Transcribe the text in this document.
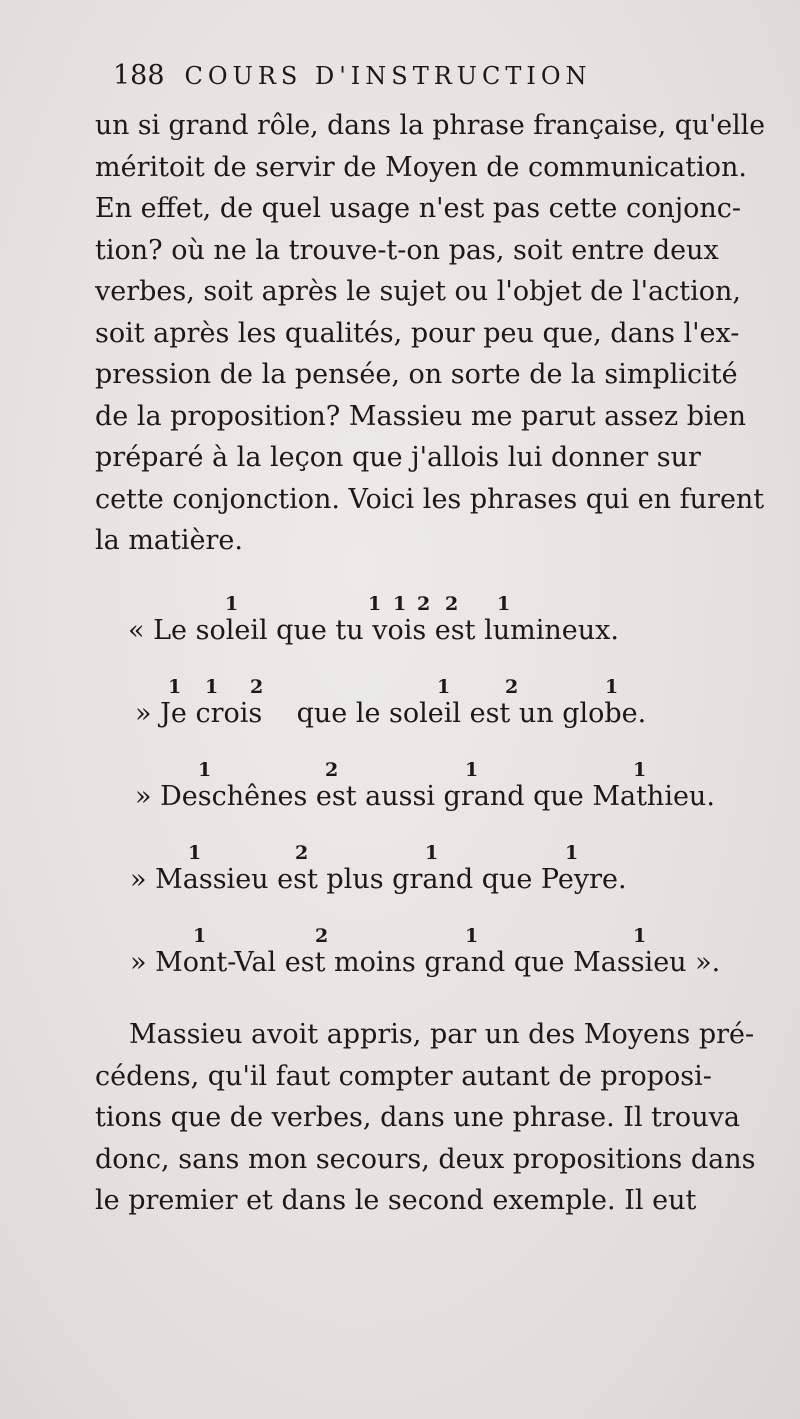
188 COURS D'INSTRUCTION

un si grand rôle, dans la phrase française, qu'elle
méritoit de servir de Moyen de communication.
En effet, de quel usage n'est pas cette conjonc-
tion? où ne la trouve-t-on pas, soit entre deux
verbes, soit après le sujet ou l'objet de l'action,
soit après les qualités, pour peu que, dans l'ex-
pression de la pensée, on sorte de la simplicité
de la proposition? Massieu me parut assez bien
préparé à la leçon que j'allois lui donner sur
cette conjonction. Voici les phrases qui en furent
la matière.

1	1 1 2 2 1
« Le soleil que tu vois est lumineux.
1 1 2	1	2	1
» Je crois    que le soleil est un globe.
1	2	1	1
» Deschênes est aussi grand que Mathieu.
1	2	1	1
» Massieu est plus grand que Peyre.
1	2	1	1
» Mont-Val est moins grand que Massieu ».

Massieu avoit appris, par un des Moyens pré-
cédens, qu'il faut compter autant de proposi-
tions que de verbes, dans une phrase. Il trouva
donc, sans mon secours, deux propositions dans
le premier et dans le second exemple. Il eut
